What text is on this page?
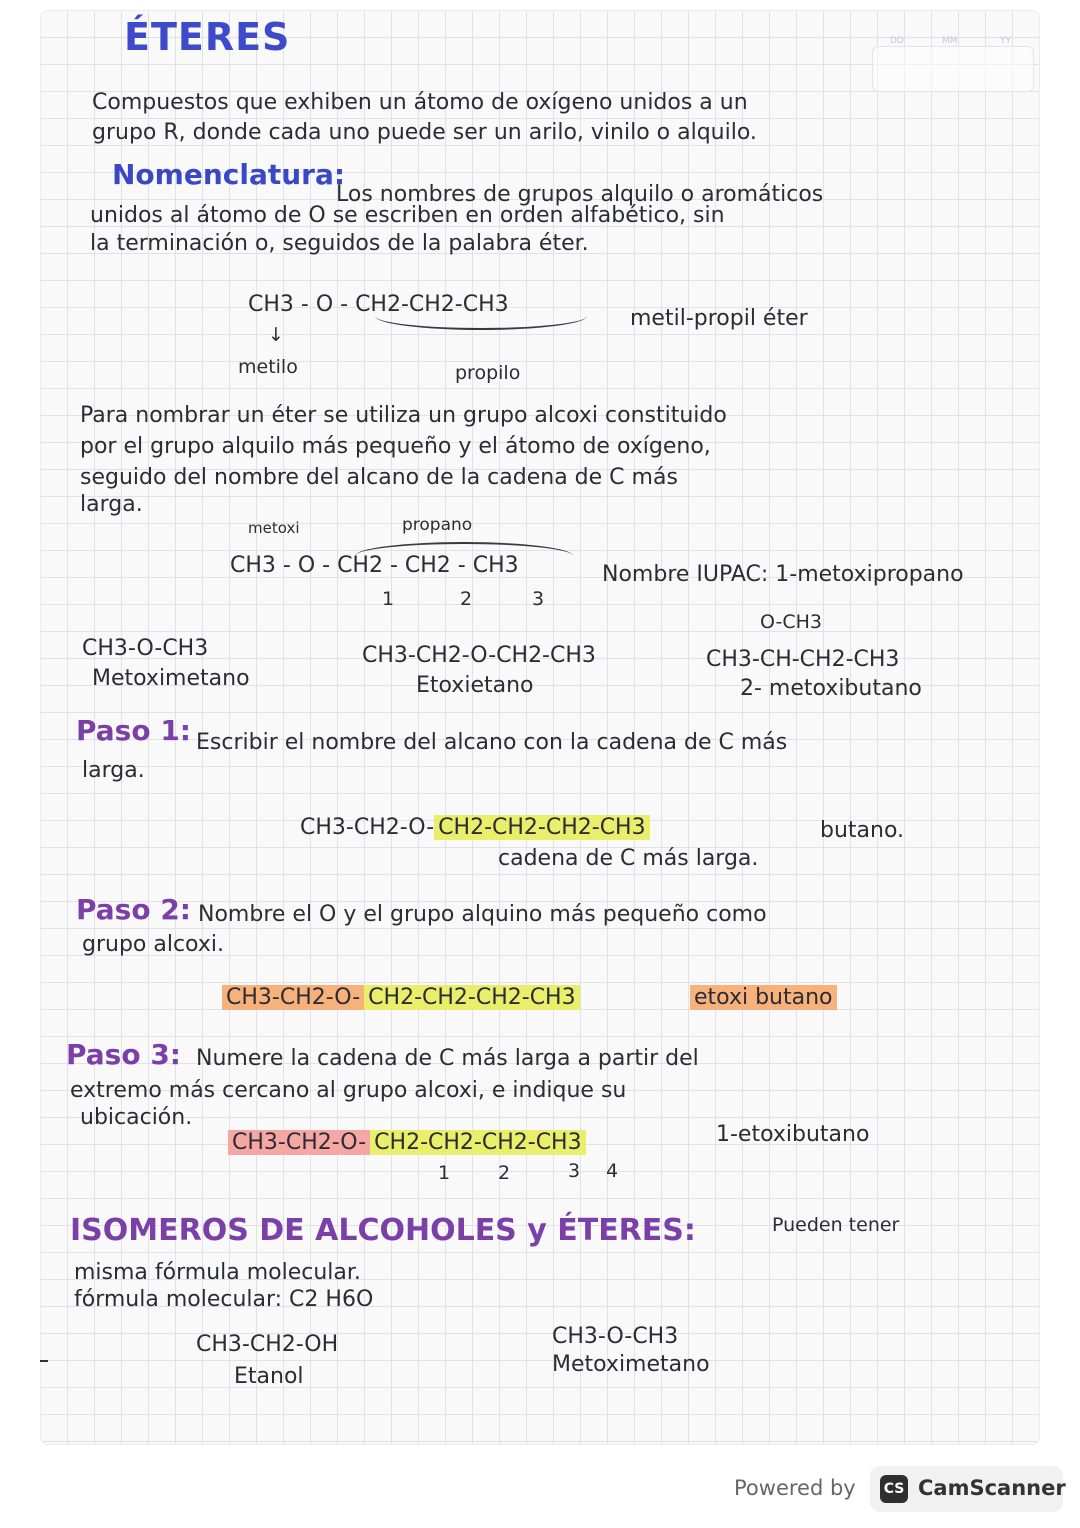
DD	MM	YY
ÉTERES
Compuestos que exhiben un átomo de oxígeno unidos a un
grupo R, donde cada uno puede ser un arilo, vinilo o alquilo.
Nomenclatura:
Los nombres de grupos alquilo o aromáticos
unidos al átomo de O se escriben en orden alfabético, sin
la terminación o, seguidos de la palabra éter.
CH3 - O - CH2-CH2-CH3
metil-propil éter
↓
metilo	propilo
Para nombrar un éter se utiliza un grupo alcoxi constituido
por el grupo alquilo más pequeño y el átomo de oxígeno,
seguido del nombre del alcano de la cadena de C más
larga.
metoxi	propano
CH3 - O - CH2 - CH2 - CH3
1	2	3
Nombre IUPAC: 1-metoxipropano
CH3-O-CH3
Metoximetano
CH3-CH2-O-CH2-CH3
Etoxietano
O-CH3
CH3-CH-CH2-CH3
2- metoxibutano
Paso 1: Escribir el nombre del alcano con la cadena de C más
larga.
CH3-CH2-O- CH2-CH2-CH2-CH3	butano.
cadena de C más larga.
Paso 2: Nombre el O y el grupo alquino más pequeño como
grupo alcoxi.
CH3-CH2-O- CH2-CH2-CH2-CH3	etoxi butano
Paso 3: Numere la cadena de C más larga a partir del
extremo más cercano al grupo alcoxi, e indique su
ubicación.
CH3-CH2-O- CH2-CH2-CH2-CH3
1	2	3 4
1-etoxibutano
ISOMEROS DE ALCOHOLES y ÉTERES:	Pueden tener
misma fórmula molecular.
fórmula molecular: C2 H6O
CH3-CH2-OH
Etanol
CH3-O-CH3
Metoximetano
Powered by CS CamScanner
